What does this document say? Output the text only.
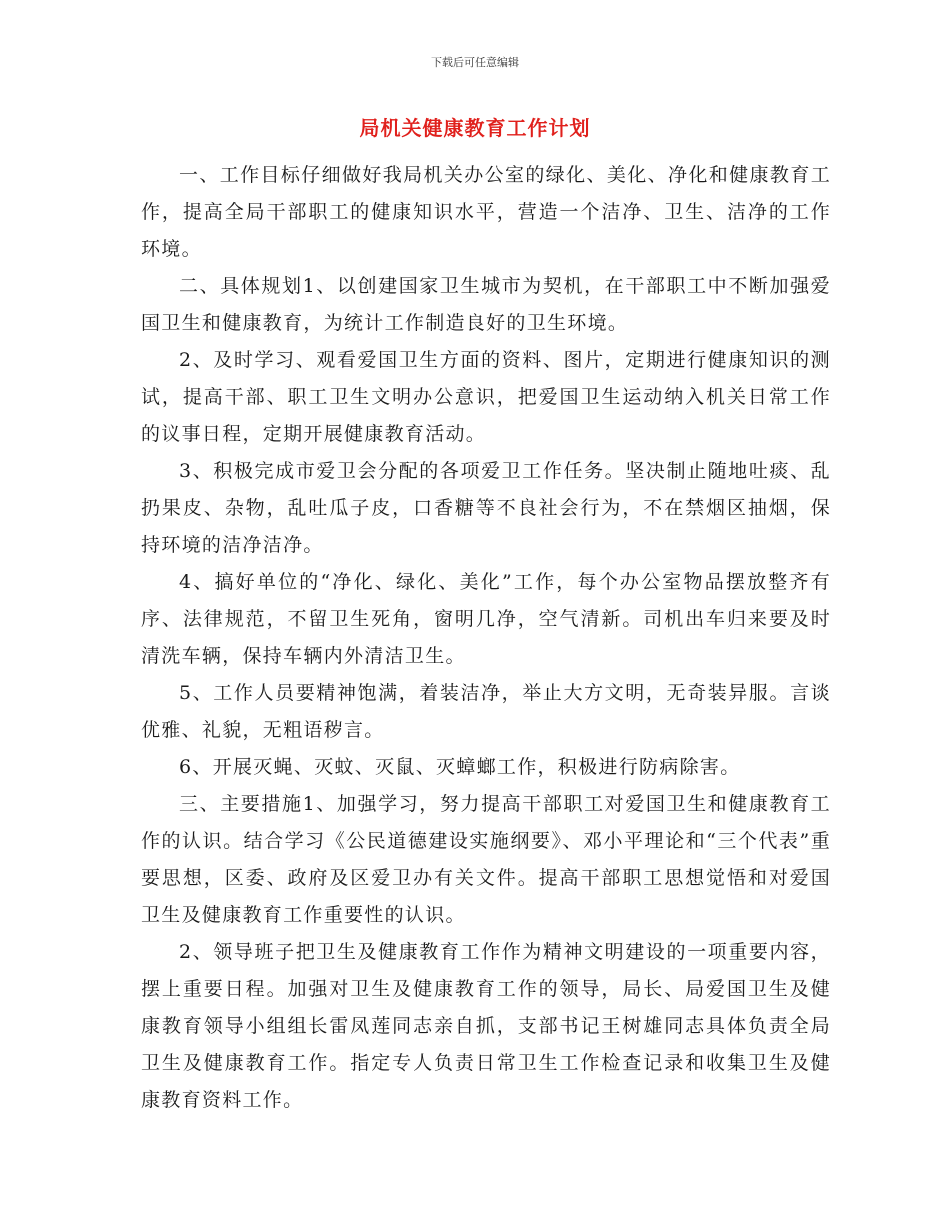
下载后可任意编辑
局机关健康教育工作计划

一、工作目标仔细做好我局机关办公室的绿化、美化、净化和健康教育工作，提高全局干部职工的健康知识水平，营造一个洁净、卫生、洁净的工作环境。

二、具体规划1、以创建国家卫生城市为契机，在干部职工中不断加强爱国卫生和健康教育，为统计工作制造良好的卫生环境。

2、及时学习、观看爱国卫生方面的资料、图片，定期进行健康知识的测试，提高干部、职工卫生文明办公意识，把爱国卫生运动纳入机关日常工作的议事日程，定期开展健康教育活动。

3、积极完成市爱卫会分配的各项爱卫工作任务。坚决制止随地吐痰、乱扔果皮、杂物，乱吐瓜子皮，口香糖等不良社会行为，不在禁烟区抽烟，保持环境的洁净洁净。

4、搞好单位的“净化、绿化、美化”工作，每个办公室物品摆放整齐有序、法律规范，不留卫生死角，窗明几净，空气清新。司机出车归来要及时清洗车辆，保持车辆内外清洁卫生。

5、工作人员要精神饱满，着装洁净，举止大方文明，无奇装异服。言谈优雅、礼貌，无粗语秽言。

6、开展灭蝇、灭蚊、灭鼠、灭蟑螂工作，积极进行防病除害。

三、主要措施1、加强学习，努力提高干部职工对爱国卫生和健康教育工作的认识。结合学习《公民道德建设实施纲要》、邓小平理论和“三个代表”重要思想，区委、政府及区爱卫办有关文件。提高干部职工思想觉悟和对爱国卫生及健康教育工作重要性的认识。

2、领导班子把卫生及健康教育工作作为精神文明建设的一项重要内容，摆上重要日程。加强对卫生及健康教育工作的领导，局长、局爱国卫生及健康教育领导小组组长雷凤莲同志亲自抓，支部书记王树雄同志具体负责全局卫生及健康教育工作。指定专人负责日常卫生工作检查记录和收集卫生及健康教育资料工作。
